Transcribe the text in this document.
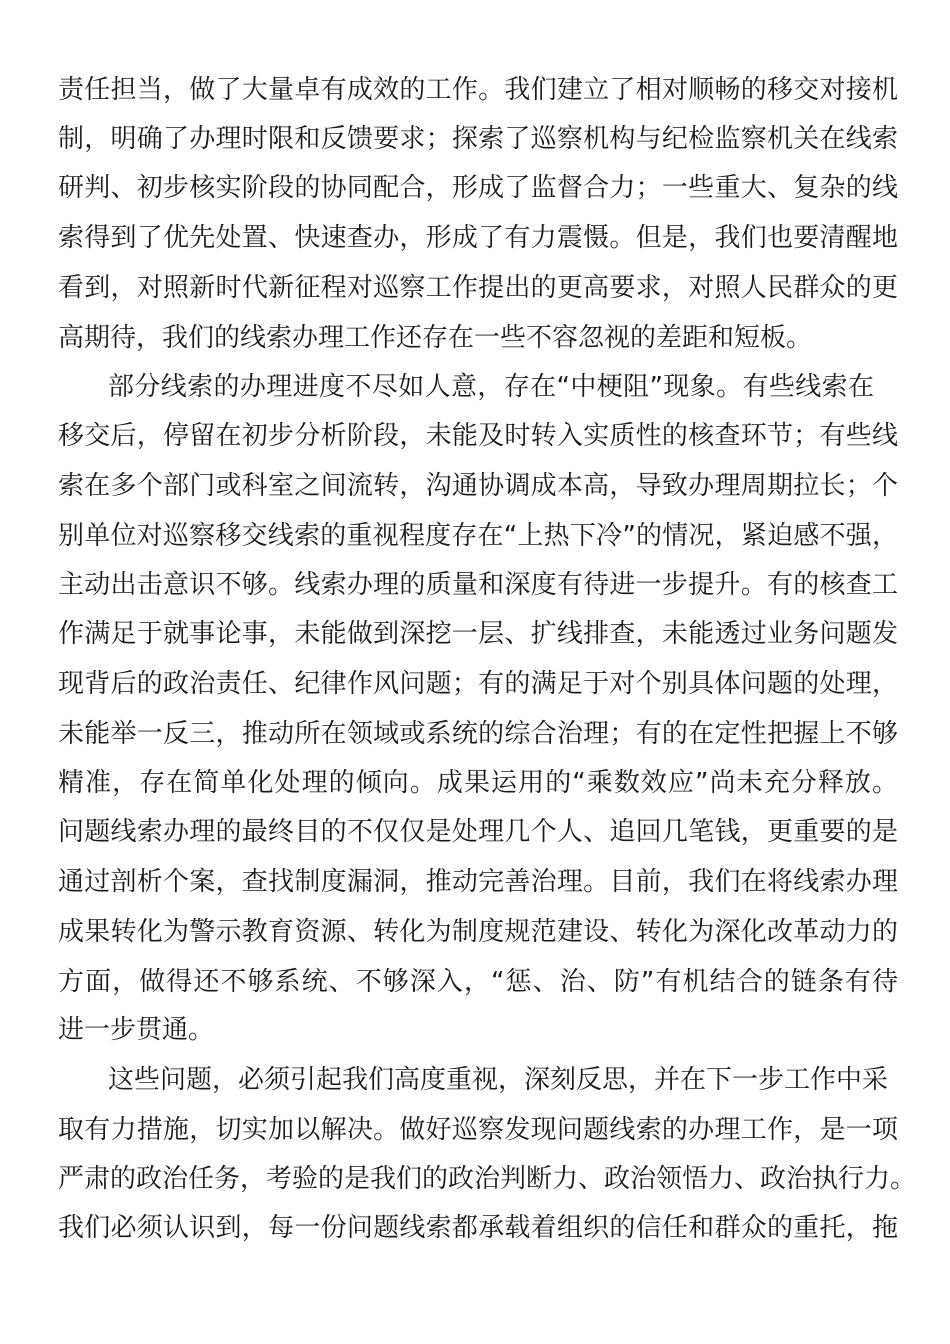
责任担当，做了大量卓有成效的工作。我们建立了相对顺畅的移交对接机
制，明确了办理时限和反馈要求；探索了巡察机构与纪检监察机关在线索
研判、初步核实阶段的协同配合，形成了监督合力；一些重大、复杂的线
索得到了优先处置、快速查办，形成了有力震慑。但是，我们也要清醒地
看到，对照新时代新征程对巡察工作提出的更高要求，对照人民群众的更
高期待，我们的线索办理工作还存在一些不容忽视的差距和短板。
部分线索的办理进度不尽如人意，存在“中梗阻”现象。有些线索在
移交后，停留在初步分析阶段，未能及时转入实质性的核查环节；有些线
索在多个部门或科室之间流转，沟通协调成本高，导致办理周期拉长；个
别单位对巡察移交线索的重视程度存在“上热下冷”的情况，紧迫感不强，
主动出击意识不够。线索办理的质量和深度有待进一步提升。有的核查工
作满足于就事论事，未能做到深挖一层、扩线排查，未能透过业务问题发
现背后的政治责任、纪律作风问题；有的满足于对个别具体问题的处理，
未能举一反三，推动所在领域或系统的综合治理；有的在定性把握上不够
精准，存在简单化处理的倾向。成果运用的“乘数效应”尚未充分释放。
问题线索办理的最终目的不仅仅是处理几个人、追回几笔钱，更重要的是
通过剖析个案，查找制度漏洞，推动完善治理。目前，我们在将线索办理
成果转化为警示教育资源、转化为制度规范建设、转化为深化改革动力的
方面，做得还不够系统、不够深入，“惩、治、防”有机结合的链条有待
进一步贯通。
这些问题，必须引起我们高度重视，深刻反思，并在下一步工作中采
取有力措施，切实加以解决。做好巡察发现问题线索的办理工作，是一项
严肃的政治任务，考验的是我们的政治判断力、政治领悟力、政治执行力。
我们必须认识到，每一份问题线索都承载着组织的信任和群众的重托，拖
